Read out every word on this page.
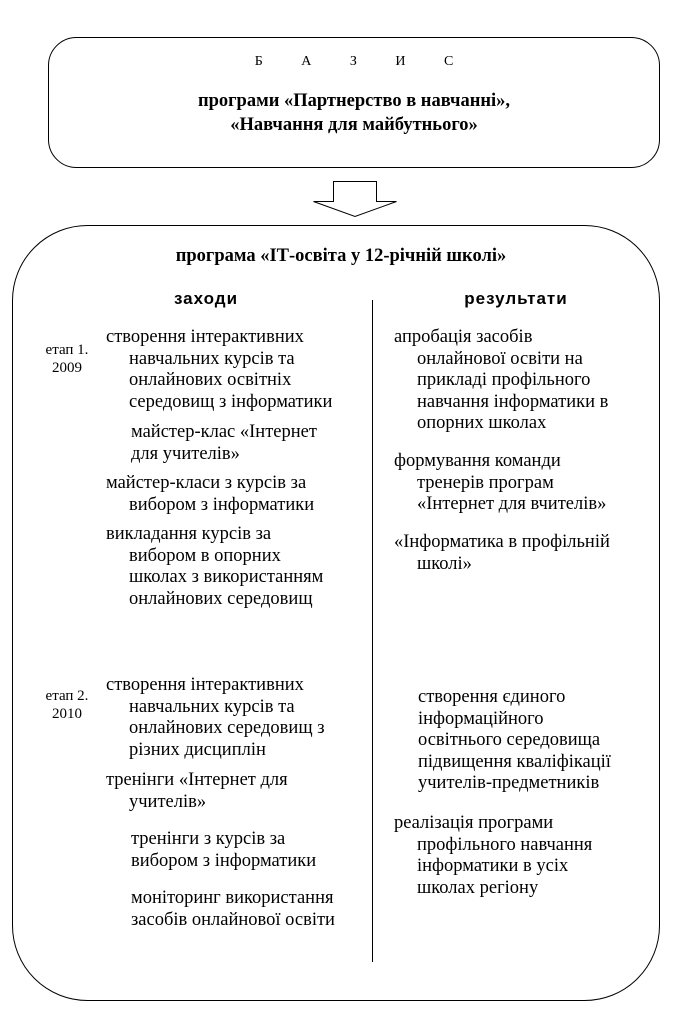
Б А З И С
програми «Партнерство в навчанні»,
«Навчання для майбутнього»
програма «ІТ-освіта у 12-річній школі»
заходи	результати
етап 1.
2009
етап 2.
2010
створення інтерактивних
навчальних курсів та
онлайнових освітніх
середовищ з інформатики
майстер-клас «Інтернет
для учителів»
майстер-класи з курсів за
вибором з інформатики
викладання курсів за
вибором в опорних
школах з використанням
онлайнових середовищ
створення інтерактивних
навчальних курсів та
онлайнових середовищ з
різних дисциплін
тренінги «Інтернет для
учителів»
тренінги з курсів за
вибором з інформатики
моніторинг використання
засобів онлайнової освіти
апробація засобів
онлайнової освіти на
прикладі профільного
навчання інформатики в
опорних школах
формування команди
тренерів програм
«Інтернет для вчителів»
«Інформатика в профільній
школі»
створення єдиного
інформаційного
освітнього середовища
підвищення кваліфікації
учителів-предметників
реалізація програми
профільного навчання
інформатики в усіх
школах регіону
